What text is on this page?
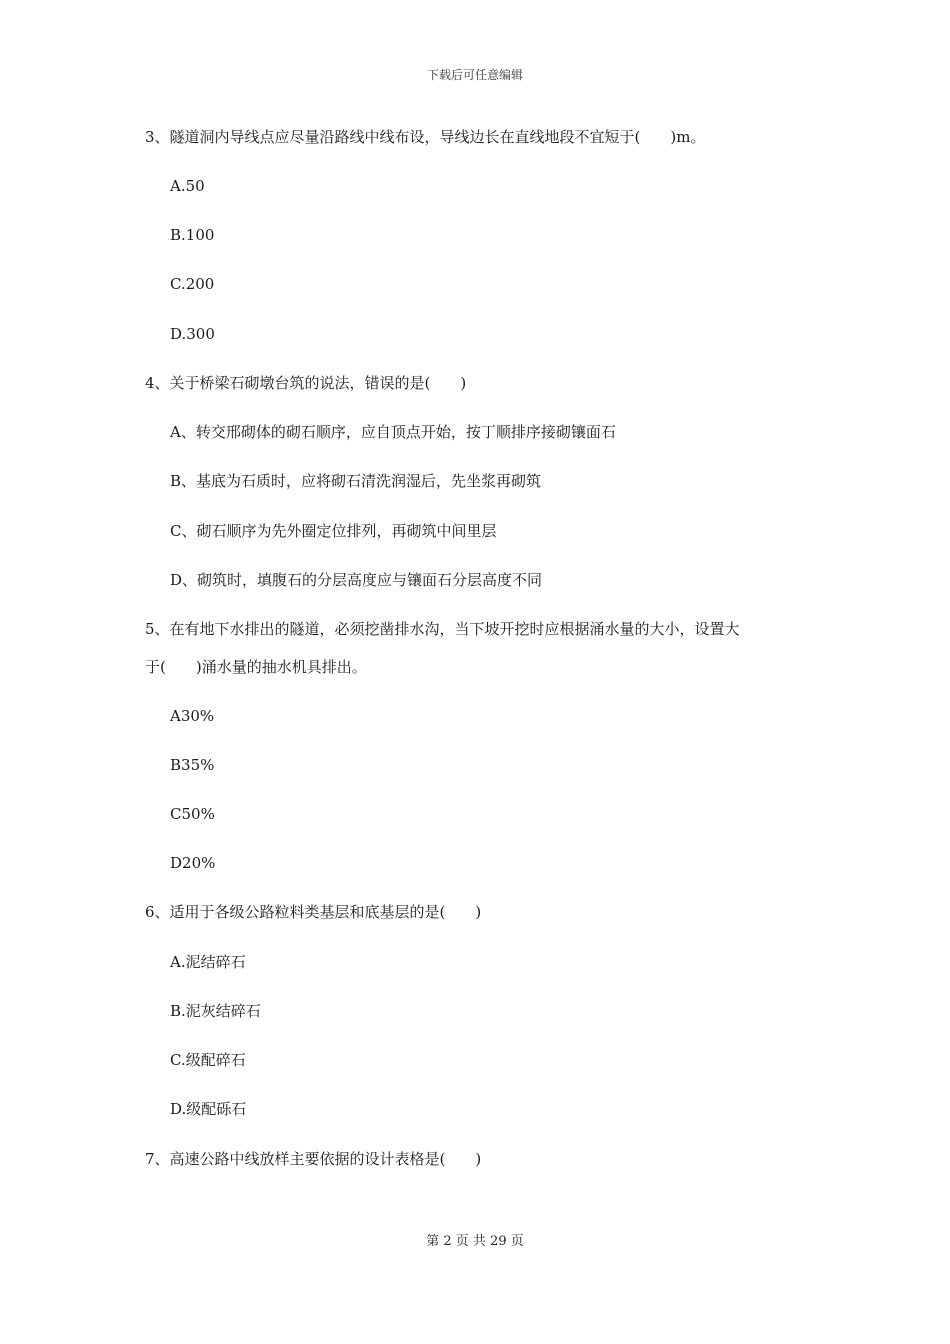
下载后可任意编辑
3、隧道洞内导线点应尽量沿路线中线布设，导线边长在直线地段不宜短于(　　)m。
A.50
B.100
C.200
D.300
4、关于桥梁石砌墩台筑的说法，错误的是(　　)
A、转交邢砌体的砌石顺序，应自顶点开始，按丁顺排序接砌镶面石
B、基底为石质时，应将砌石清洗润湿后，先坐浆再砌筑
C、砌石顺序为先外圈定位排列，再砌筑中间里层
D、砌筑时，填腹石的分层高度应与镶面石分层高度不同
5、在有地下水排出的隧道，必须挖凿排水沟，当下坡开挖时应根据涌水量的大小，设置大
于(　　)涌水量的抽水机具排出。
A30%
B35%
C50%
D20%
6、适用于各级公路粒料类基层和底基层的是(　　)
A.泥结碎石
B.泥灰结碎石
C.级配碎石
D.级配砾石
7、高速公路中线放样主要依据的设计表格是(　　)
第 2 页 共 29 页
